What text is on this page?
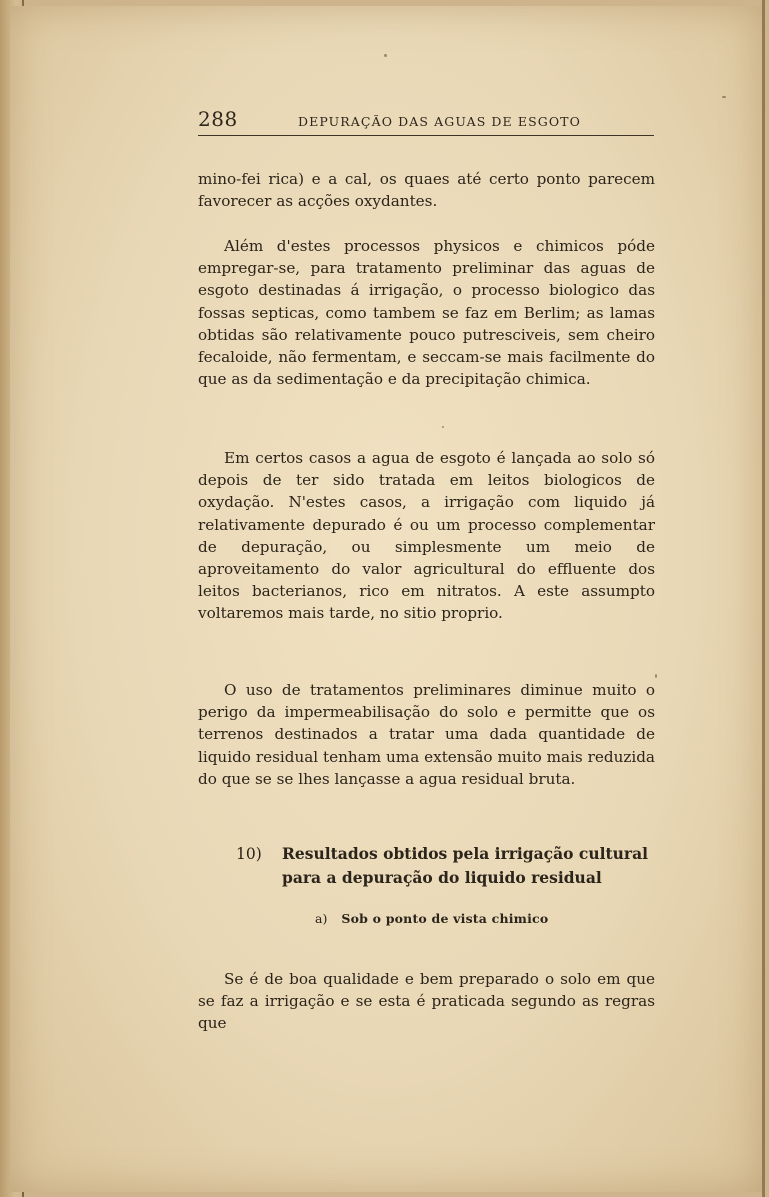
288	DEPURAÇÃO DAS AGUAS DE ESGOTO

mino-fei rica) e a cal, os quaes até certo ponto parecem favorecer as acções oxydantes.

Além d'estes processos physicos e chimicos póde empregar-se, para tratamento preliminar das aguas de esgoto destinadas á irrigação, o processo biologico das fossas septicas, como tambem se faz em Berlim; as lamas obtidas são relativamente pouco putresciveis, sem cheiro fecaloide, não fermentam, e seccam-se mais facilmente do que as da sedimentação e da precipitação chimica.

Em certos casos a agua de esgoto é lançada ao solo só depois de ter sido tratada em leitos biologicos de oxydação. N'estes casos, a irrigação com liquido já relativamente depurado é ou um processo complementar de depuração, ou simplesmente um meio de aproveitamento do valor agricultural do effluente dos leitos bacterianos, rico em nitratos. A este assumpto voltaremos mais tarde, no sitio proprio.

O uso de tratamentos preliminares diminue muito o perigo da impermeabilisação do solo e permitte que os terrenos destinados a tratar uma dada quantidade de liquido residual tenham uma extensão muito mais reduzida do que se se lhes lançasse a agua residual bruta.

10) Resultados obtidos pela irrigação cultural
para a depuração do liquido residual
a) Sob o ponto de vista chimico

Se é de boa qualidade e bem preparado o solo em que se faz a irrigação e se esta é praticada segundo as regras que
